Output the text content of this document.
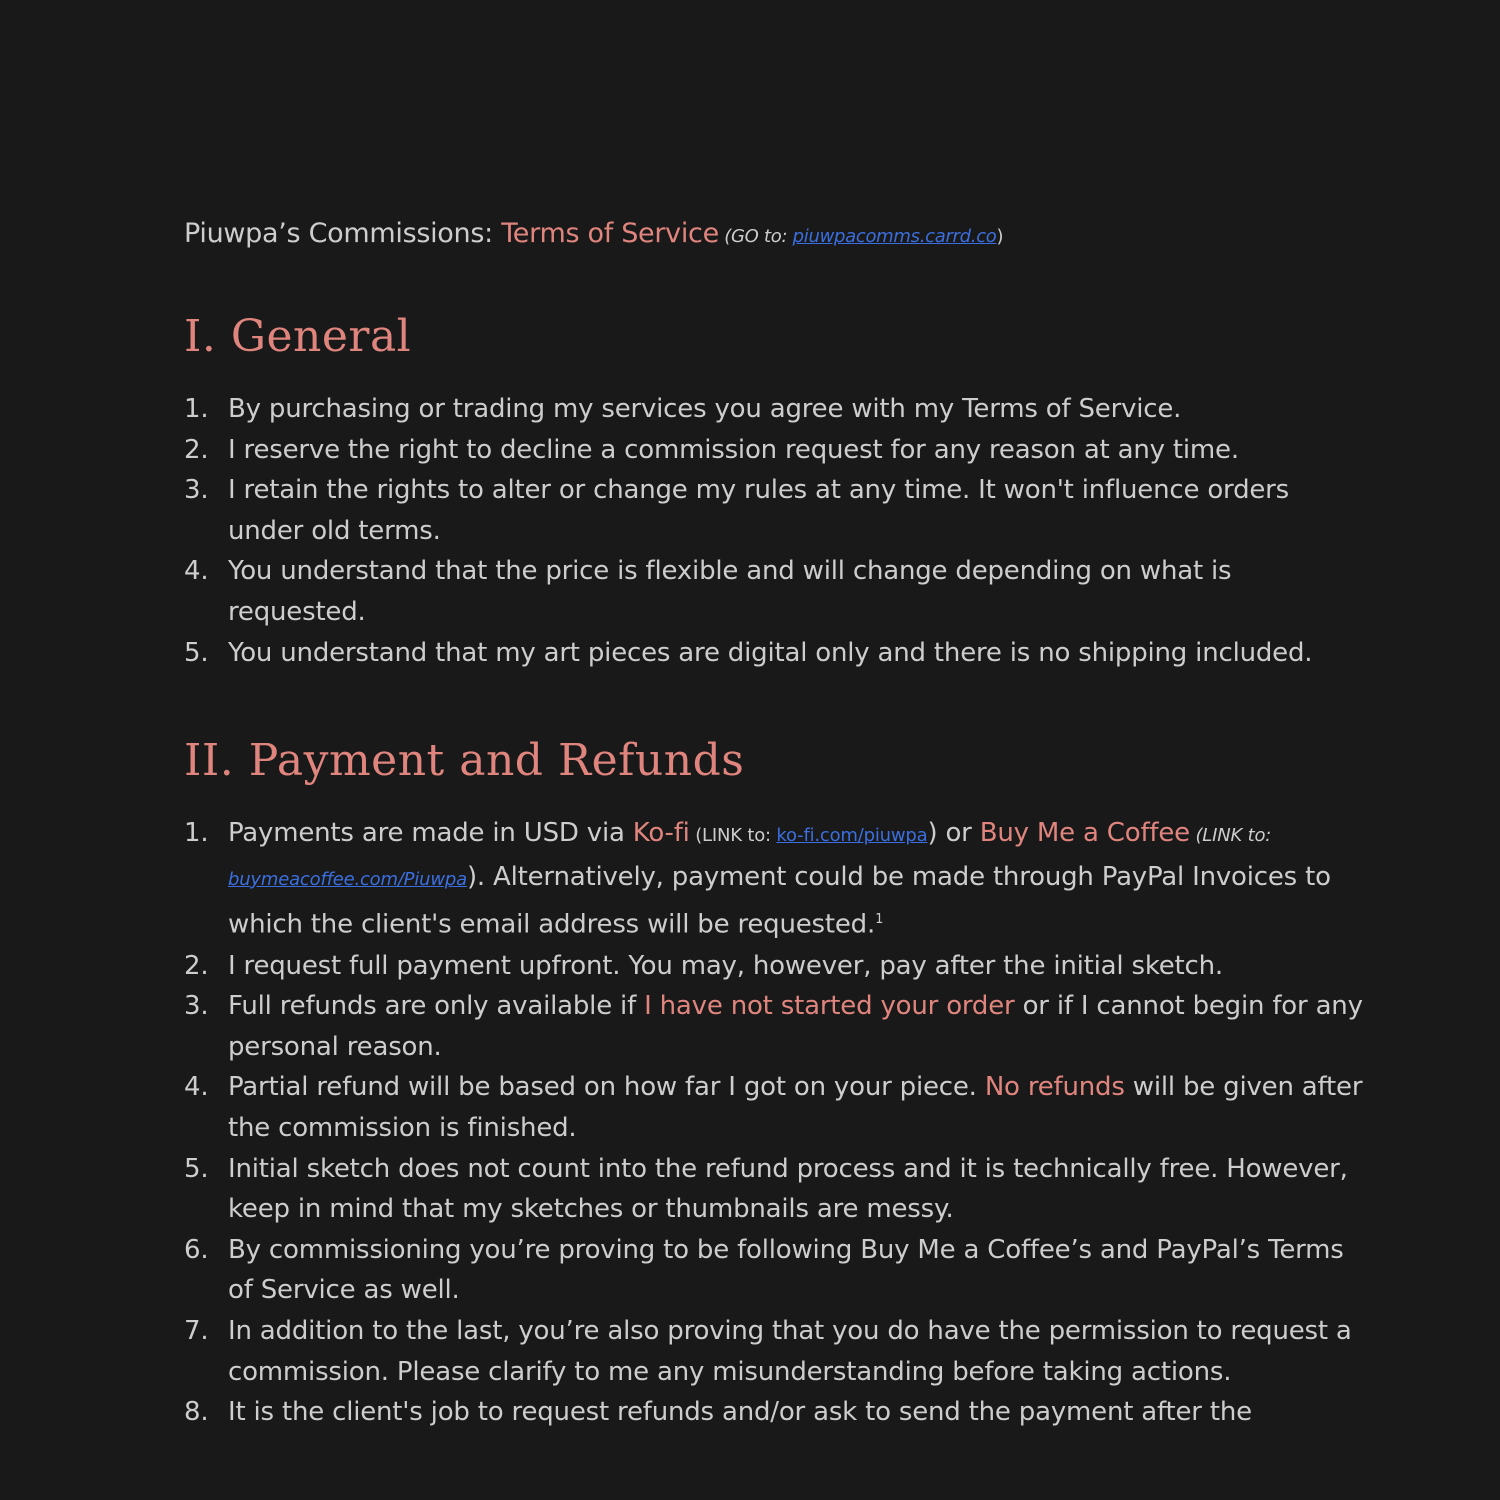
Piuwpa’s Commissions: Terms of Service (GO to: piuwpacomms.carrd.co)
I. General
1. By purchasing or trading my services you agree with my Terms of Service.
2. I reserve the right to decline a commission request for any reason at any time.
3. I retain the rights to alter or change my rules at any time. It won't influence orders under old terms.
4. You understand that the price is flexible and will change depending on what is requested.
5. You understand that my art pieces are digital only and there is no shipping included.
II. Payment and Refunds
1. Payments are made in USD via Ko-fi (LINK to: ko-fi.com/piuwpa) or Buy Me a Coffee (LINK to: buymeacoffee.com/Piuwpa). Alternatively, payment could be made through PayPal Invoices to which the client's email address will be requested.$^1$
2. I request full payment upfront. You may, however, pay after the initial sketch.
3. Full refunds are only available if I have not started your order or if I cannot begin for any personal reason.
4. Partial refund will be based on how far I got on your piece. No refunds will be given after the commission is finished.
5. Initial sketch does not count into the refund process and it is technically free. However, keep in mind that my sketches or thumbnails are messy.
6. By commissioning you’re proving to be following Buy Me a Coffee’s and PayPal’s Terms of Service as well.
7. In addition to the last, you’re also proving that you do have the permission to request a commission. Please clarify to me any misunderstanding before taking actions.
8. It is the client's job to request refunds and/or ask to send the payment after the
